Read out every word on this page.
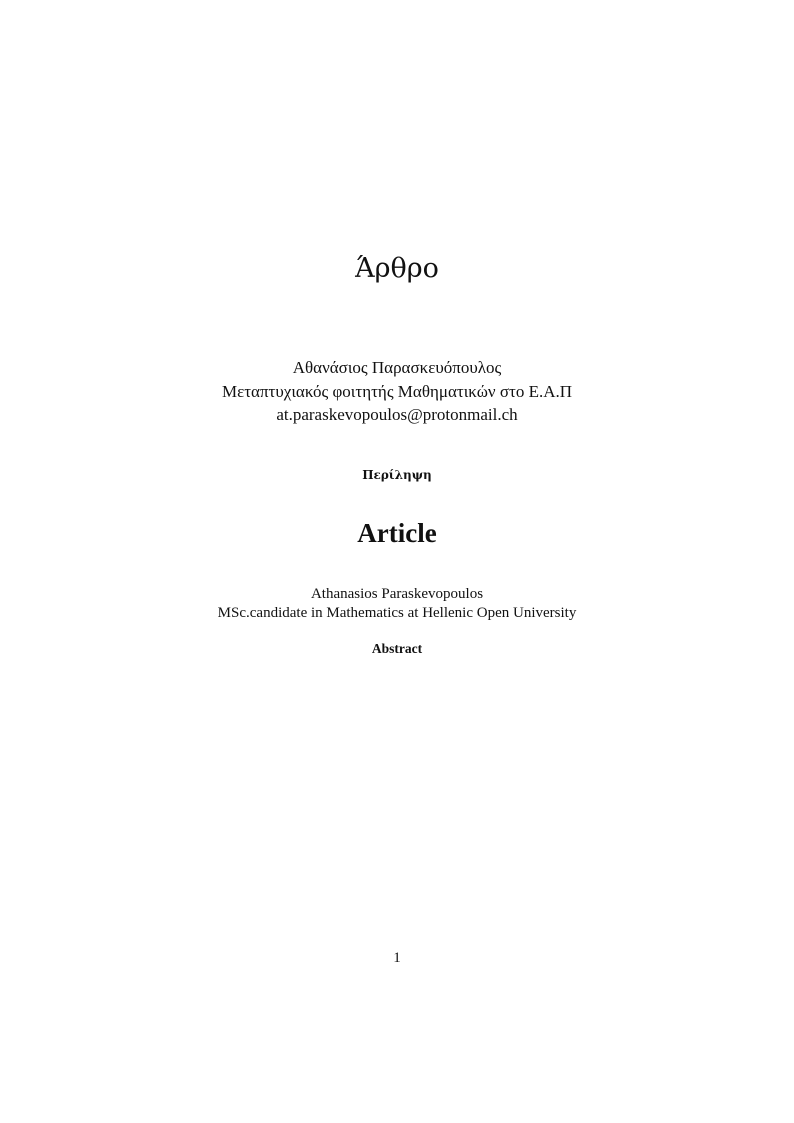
Άρθρο
Αθανάσιος Παρασκευόπουλος
Μεταπτυχιακός φοιτητής Μαθηματικών στο Ε.Α.Π
at.paraskevopoulos@protonmail.ch
Περίληψη
Article
Athanasios Paraskevopoulos
MSc.candidate in Mathematics at Hellenic Open University
Abstract
1
